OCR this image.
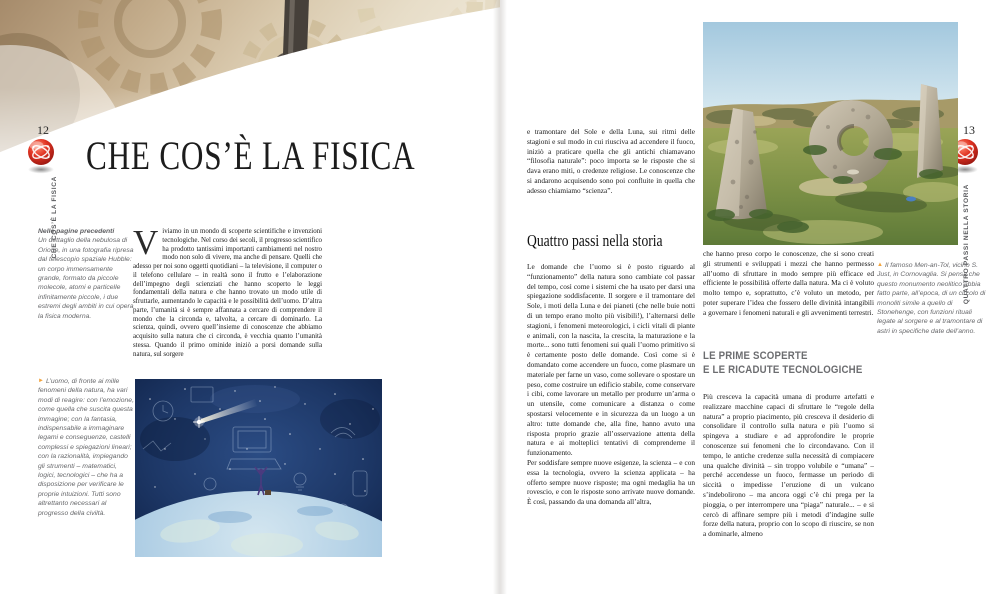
12
CHE COS’È LA FISICA
13
QUATTRO PASSI NELLA STORIA
CHE COS’È LA FISICA
Nelle pagine precedenti
Un dettaglio della nebulosa di Orione, in una fotografia ripresa dal telescopio spaziale Hubble: un corpo immensamente grande, formato da piccole molecole, atomi e particelle infinitamente piccole, i due estremi degli ambiti in cui opera la fisica moderna.
Viviamo in un mondo di scoperte scientifiche e invenzioni tecnologiche. Nel corso dei secoli, il progresso scientifico ha prodotto tantissimi importanti cambiamenti nel nostro modo non solo di vivere, ma anche di pensare. Quelli che adesso per noi sono oggetti quotidiani – la televisione, il computer o il telefono cellulare – in realtà sono il frutto e l’elaborazione dell’impegno degli scienziati che hanno scoperto le leggi fondamentali della natura e che hanno trovato un modo utile di sfruttarle, aumentando le capacità e le possibilità dell’uomo. D’altra parte, l’umanità si è sempre affannata a cercare di comprendere il mondo che la circonda e, talvolta, a cercare di dominarlo. La scienza, quindi, ovvero quell’insieme di conoscenze che abbiamo acquisito sulla natura che ci circonda, è vecchia quanto l’umanità stessa. Quando il primo ominide iniziò a porsi domande sulla natura, sul sorgere
► L’uomo, di fronte ai mille fenomeni della natura, ha vari modi di reagire: con l’emozione, come quella che suscita questa immagine; con la fantasia, indispensabile a immaginare legami e conseguenze, castelli complessi e spiegazioni lineari; con la razionalità, impiegando gli strumenti – matematici, logici, tecnologici – che ha a disposizione per verificare le proprie intuizioni. Tutti sono altrettanto necessari al progresso della civiltà.
e tramontare del Sole e della Luna, sui ritmi delle stagioni e sul modo in cui riusciva ad accendere il fuoco, iniziò a praticare quella che gli antichi chiamavano “filosofia naturale”: poco importa se le risposte che si dava erano miti, o credenze religiose. Le conoscenze che si andarono acquisendo sono poi confluite in quella che adesso chiamiamo “scienza”.
Quattro passi nella storia

Le domande che l’uomo si è posto riguardo al “funzionamento” della natura sono cambiate col passar del tempo, così come i sistemi che ha usato per darsi una spiegazione soddisfacente. Il sorgere e il tramontare del Sole, i moti della Luna e dei pianeti (che nelle buie notti di un tempo erano molto più visibili!), l’alternarsi delle stagioni, i fenomeni meteorologici, i cicli vitali di piante e animali, con la nascita, la crescita, la maturazione e la morte... sono tutti fenomeni sui quali l’uomo primitivo si è certamente posto delle domande. Così come si è domandato come accendere un fuoco, come plasmare un materiale per farne un vaso, come sollevare o spostare un peso, come costruire un edificio stabile, come conservare i cibi, come lavorare un metallo per produrre un’arma o un utensile, come comunicare a distanza o come spostarsi velocemente e in sicurezza da un luogo a un altro: tutte domande che, alla fine, hanno avuto una risposta proprio grazie all’osservazione attenta della natura e ai molteplici tentativi di comprenderne il funzionamento.

Per soddisfare sempre nuove esigenze, la scienza – e con essa la tecnologia, ovvero la scienza applicata – ha offerto sempre nuove risposte; ma ogni medaglia ha un rovescio, e con le risposte sono arrivate nuove domande. È così, passando da una domanda all’altra,

che hanno preso corpo le conoscenze, che si sono creati gli strumenti e sviluppati i mezzi che hanno permesso all’uomo di sfruttare in modo sempre più efficace ed efficiente le possibilità offerte dalla natura. Ma ci è voluto molto tempo e, soprattutto, c’è voluto un metodo, per poter superare l’idea che fossero delle divinità intangibili a governare i fenomeni naturali e gli avvenimenti terrestri.
LE PRIME SCOPERTE
E LE RICADUTE TECNOLOGICHE
Più cresceva la capacità umana di produrre artefatti e realizzare macchine capaci di sfruttare le “regole della natura” a proprio piacimento, più cresceva il desiderio di consolidare il controllo sulla natura e più l’uomo si spingeva a studiare e ad approfondire le proprie conoscenze sui fenomeni che lo circondavano. Con il tempo, le antiche credenze sulla necessità di compiacere una qualche divinità – sin troppo volubile e “umana” – perché accendesse un fuoco, fermasse un periodo di siccità o impedisse l’eruzione di un vulcano s’indebolirono – ma ancora oggi c’è chi prega per la pioggia, o per interrompere una “piaga” naturale... – e si cercò di affinare sempre più i metodi d’indagine sulle forze della natura, proprio con lo scopo di riuscire, se non a dominarle, almeno
▲ Il famoso Men-an-Tol, vicino S. Just, in Cornovaglia. Si pensa che questo monumento neolitico abbia fatto parte, all’epoca, di un circolo di monoliti simile a quello di Stonehenge, con funzioni rituali legate al sorgere e al tramontare di astri in specifiche date dell’anno.
